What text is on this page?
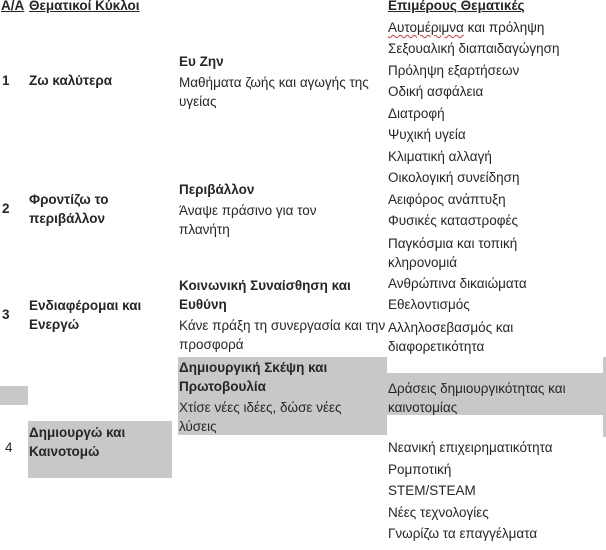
Α/Α Θεματικοί Κύκλοι	Επιμέρους Θεματικές
1
2
3
4
Ζω καλύτερα
Φροντίζω το περιβάλλον
Ενδιαφέρομαι και Ενεργώ
Δημιουργώ και Καινοτομώ
Ευ Ζην
Μαθήματα ζωής και αγωγής της υγείας
Περιβάλλον
Άναψε πράσινο για τον πλανήτη
Κοινωνική Συναίσθηση και Ευθύνη
Κάνε πράξη τη συνεργασία και την προσφορά
Δημιουργική Σκέψη και Πρωτοβουλία
Χτίσε νέες ιδέες, δώσε νέες λύσεις
Αυτομέριμνα και πρόληψη
Σεξουαλική διαπαιδαγώγηση
Πρόληψη εξαρτήσεων
Οδική ασφάλεια
Διατροφή
Ψυχική υγεία
Κλιματική αλλαγή
Οικολογική συνείδηση
Αειφόρος ανάπτυξη
Φυσικές καταστροφές
Παγκόσμια και τοπική κληρονομιά
Ανθρώπινα δικαιώματα
Εθελοντισμός
Αλληλοσεβασμός και διαφορετικότητα
Δράσεις δημιουργικότητας και καινοτομίας
Νεανική επιχειρηματικότητα
Ρομποτική
STEM/STEAM
Νέες τεχνολογίες
Γνωρίζω τα επαγγέλματα
